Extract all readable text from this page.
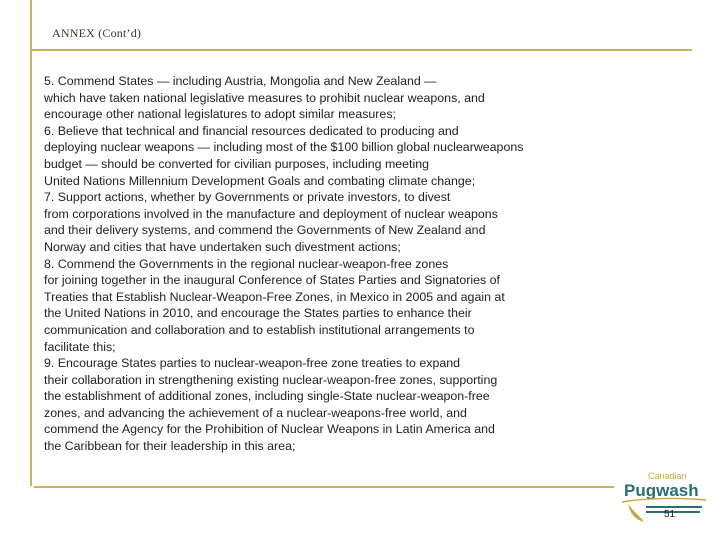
ANNEX (Cont’d)
5. Commend States — including Austria, Mongolia and New Zealand —
which have taken national legislative measures to prohibit nuclear weapons, and
encourage other national legislatures to adopt similar measures;
6. Believe that technical and financial resources dedicated to producing and
deploying nuclear weapons — including most of the $100 billion global nuclearweapons
budget — should be converted for civilian purposes, including meeting
United Nations Millennium Development Goals and combating climate change;
7. Support actions, whether by Governments or private investors, to divest
from corporations involved in the manufacture and deployment of nuclear weapons
and their delivery systems, and commend the Governments of New Zealand and
Norway and cities that have undertaken such divestment actions;
8. Commend the Governments in the regional nuclear-weapon-free zones
for joining together in the inaugural Conference of States Parties and Signatories of
Treaties that Establish Nuclear-Weapon-Free Zones, in Mexico in 2005 and again at
the United Nations in 2010, and encourage the States parties to enhance their
communication and collaboration and to establish institutional arrangements to
facilitate this;
9. Encourage States parties to nuclear-weapon-free zone treaties to expand
their collaboration in strengthening existing nuclear-weapon-free zones, supporting
the establishment of additional zones, including single-State nuclear-weapon-free
zones, and advancing the achievement of a nuclear-weapons-free world, and
commend the Agency for the Prohibition of Nuclear Weapons in Latin America and
the Caribbean for their leadership in this area;
Canadian
Pugwash
51
